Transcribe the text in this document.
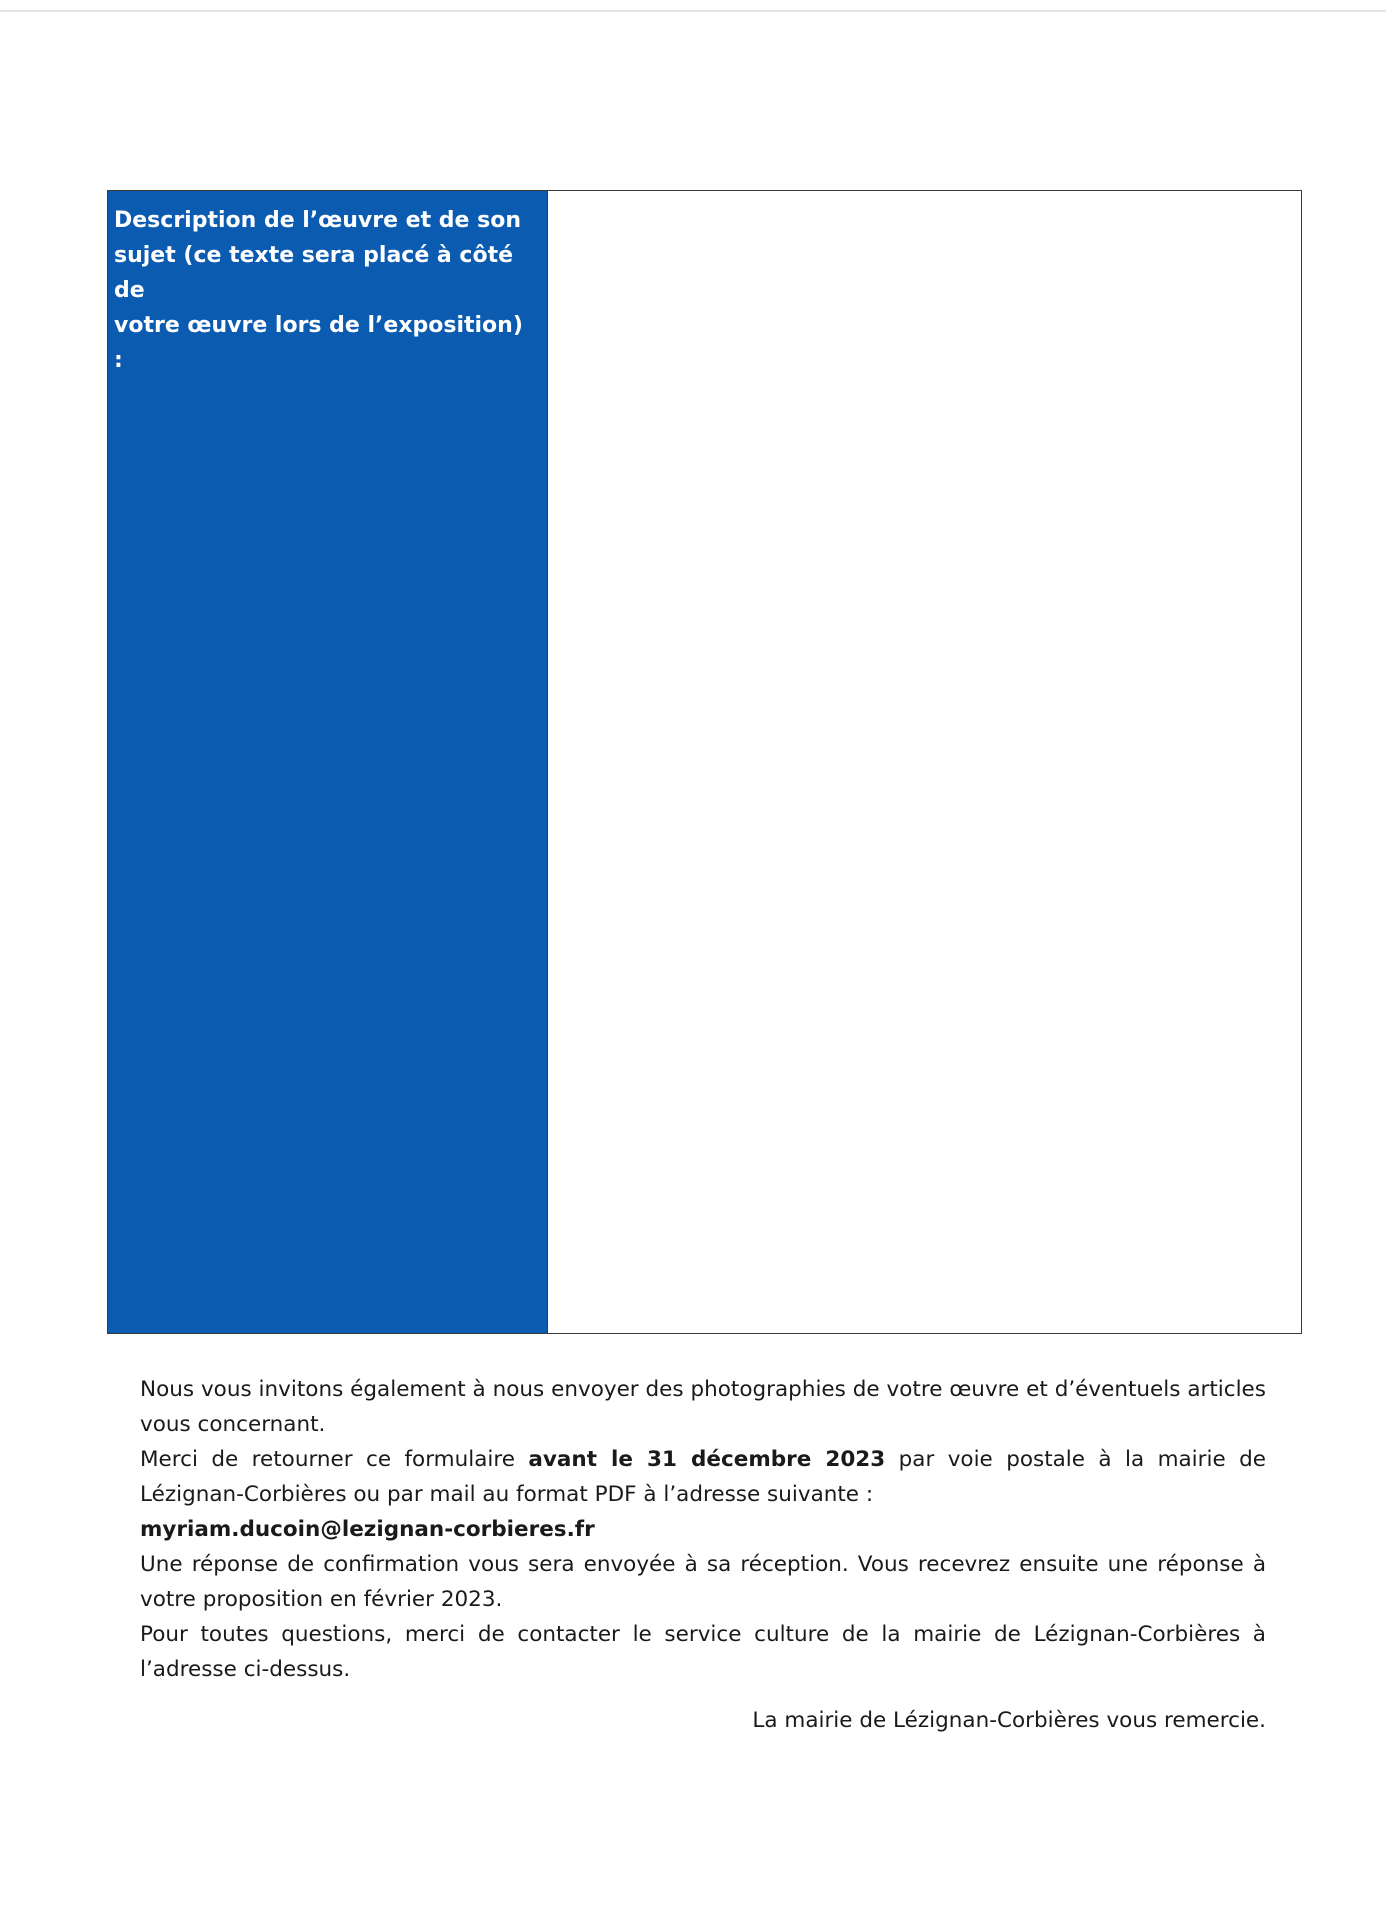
Description de l’œuvre et de son
sujet (ce texte sera placé à côté de
votre œuvre lors de l’exposition) :

Nous vous invitons également à nous envoyer des photographies de votre œuvre et d’éventuels articles vous concernant.

Merci de retourner ce formulaire avant le 31 décembre 2023 par voie postale à la mairie de Lézignan-Corbières ou par mail au format PDF à l’adresse suivante :

myriam.ducoin@lezignan-corbieres.fr

Une réponse de confirmation vous sera envoyée à sa réception. Vous recevrez ensuite une réponse à votre proposition en février 2023.

Pour toutes questions, merci de contacter le service culture de la mairie de Lézignan-Corbières à l’adresse ci-dessus.

La mairie de Lézignan-Corbières vous remercie.
